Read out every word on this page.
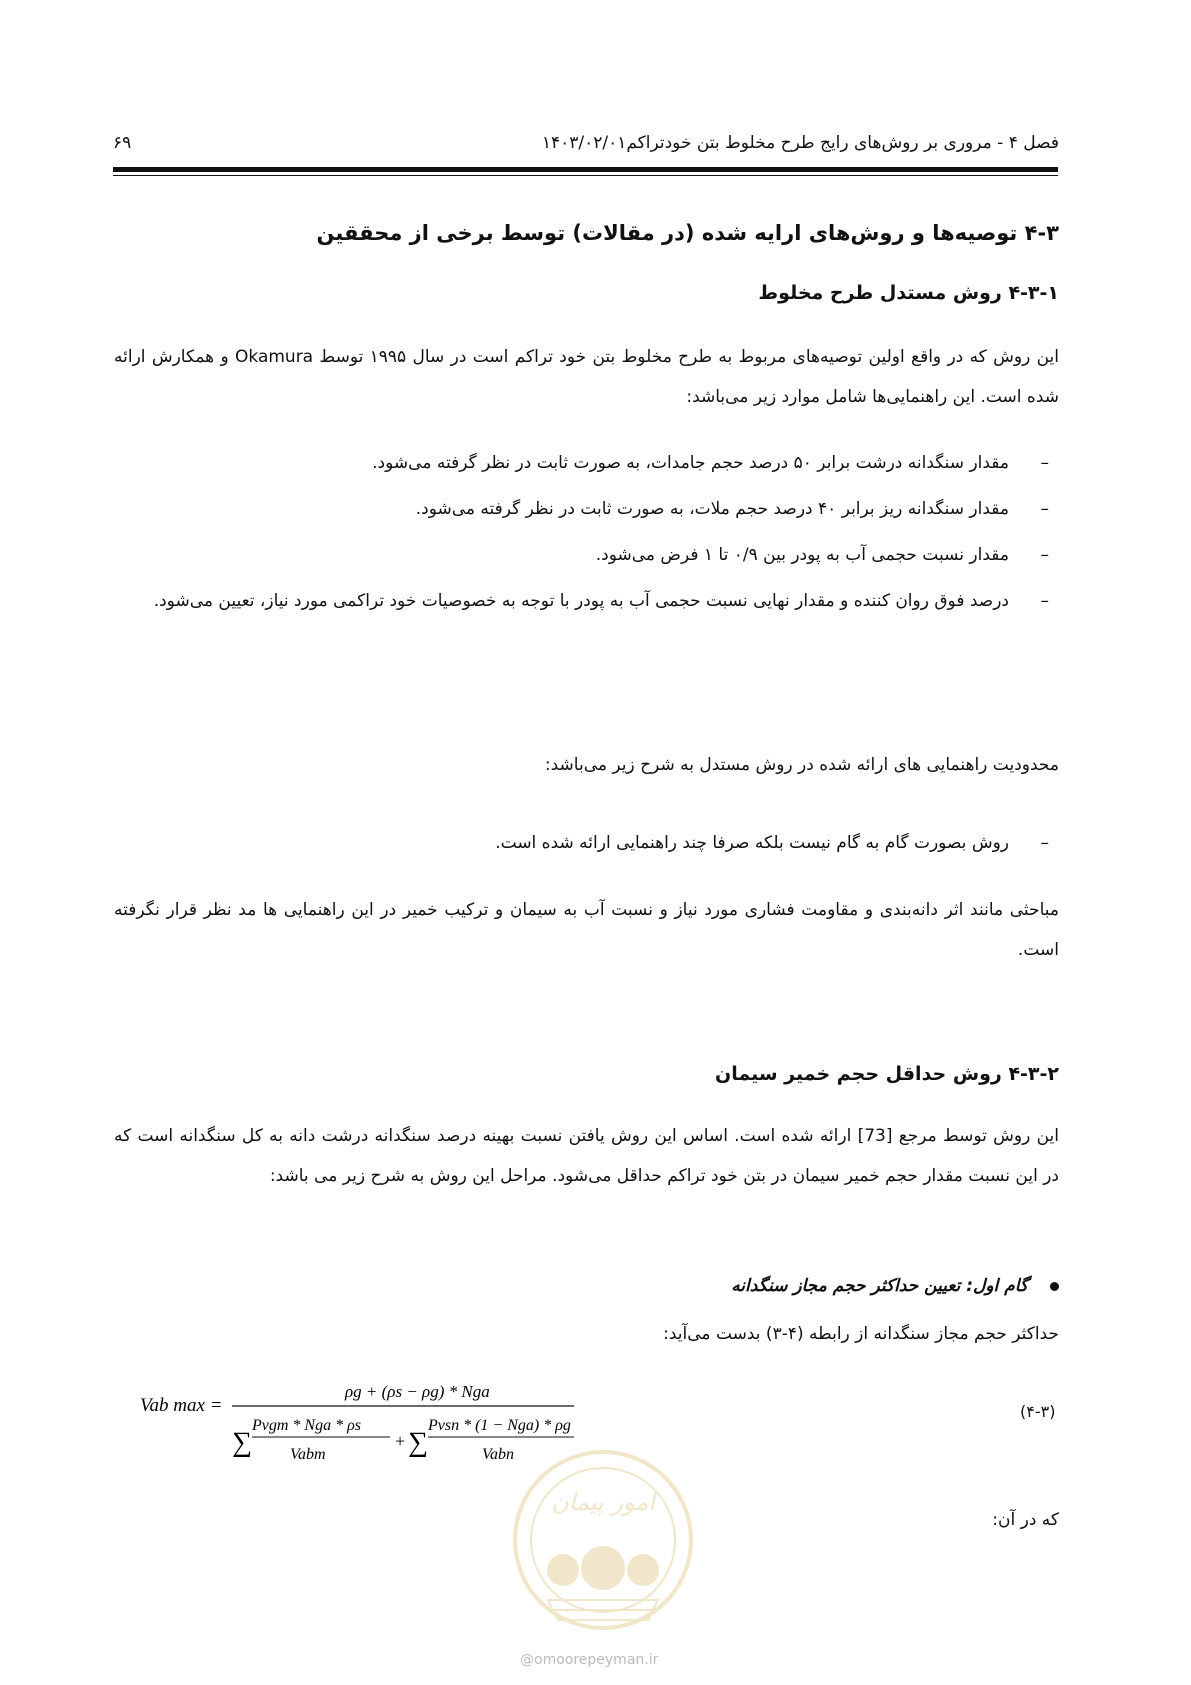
فصل ۴ - مروری بر روش‌های رایج طرح مخلوط بتن خودتراکم۱۴۰۳/۰۲/۰۱
۶۹
۴-۳ توصیه‌ها و روش‌های ارایه شده (در مقالات) توسط برخی از محققین
۴-۳-۱ روش مستدل طرح مخلوط
این روش که در واقع اولین توصیه‌های مربوط به طرح مخلوط بتن خود تراکم است در سال ۱۹۹۵ توسط Okamura و همکارش ارائه شده است. این راهنمایی‌ها شامل موارد زیر می‌باشد:
–
مقدار سنگدانه درشت برابر ۵۰ درصد حجم جامدات، به صورت ثابت در نظر گرفته می‌شود.
–
مقدار سنگدانه ریز برابر ۴۰ درصد حجم ملات، به صورت ثابت در نظر گرفته می‌شود.
–
مقدار نسبت حجمی آب به پودر بین ۰/۹ تا ۱ فرض می‌شود.
–
درصد فوق روان کننده و مقدار نهایی نسبت حجمی آب به پودر با توجه به خصوصیات خود تراکمی مورد نیاز، تعیین می‌شود.
محدودیت راهنمایی های ارائه شده در روش مستدل به شرح زیر می‌باشد:
–
روش بصورت گام به گام نیست بلکه صرفا چند راهنمایی ارائه شده است.
مباحثی مانند اثر دانه‌بندی و مقاومت فشاری مورد نیاز و نسبت آب به سیمان و ترکیب خمیر در این راهنمایی ها مد نظر قرار نگرفته است.
۴-۳-۲ روش حداقل حجم خمیر سیمان
این روش توسط مرجع [73] ارائه شده است. اساس این روش یافتن نسبت بهینه درصد سنگدانه درشت دانه به کل سنگدانه است که در این نسبت مقدار حجم خمیر سیمان در بتن خود تراکم حداقل می‌شود. مراحل این روش به شرح زیر می باشد:
گام اول: تعیین حداکثر حجم مجاز سنگدانه
حداکثر حجم مجاز سنگدانه از رابطه (۴-۳) بدست می‌آید:
(۴-۳)
Vab max =
ρg + (ρs − ρg) * Nga
∑
Pvgm * Nga * ρs
Vabm
+ ∑
Pvsn * (1 − Nga) * ρg
Vabn
که در آن:
امور پیمان
@omoorepeyman.ir
